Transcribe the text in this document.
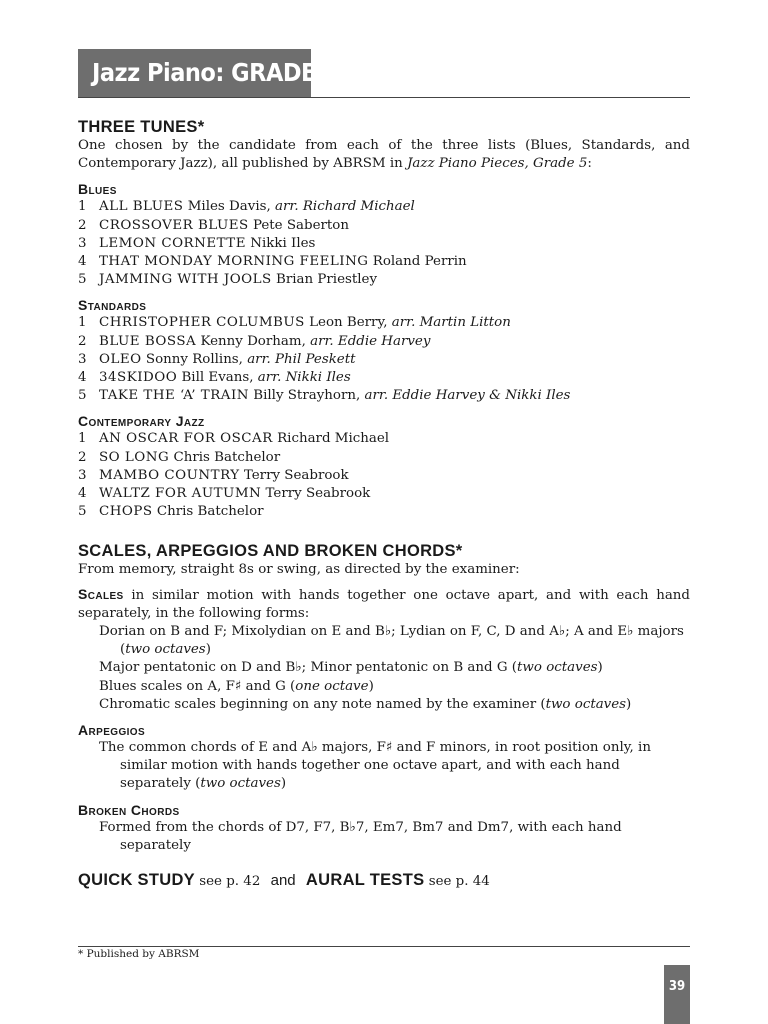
Jazz Piano: GRADE 5
THREE TUNES*

One chosen by the candidate from each of the three lists (Blues, Standards, and Contemporary Jazz), all published by ABRSM in Jazz Piano Pieces, Grade 5:

Blues
1 ALL BLUES Miles Davis, arr. Richard Michael
2 CROSSOVER BLUES Pete Saberton
3 LEMON CORNETTE Nikki Iles
4 THAT MONDAY MORNING FEELING Roland Perrin
5 JAMMING WITH JOOLS Brian Priestley
Standards
1 CHRISTOPHER COLUMBUS Leon Berry, arr. Martin Litton
2 BLUE BOSSA Kenny Dorham, arr. Eddie Harvey
3 OLEO Sonny Rollins, arr. Phil Peskett
4 34SKIDOO Bill Evans, arr. Nikki Iles
5 TAKE THE ‘A’ TRAIN Billy Strayhorn, arr. Eddie Harvey & Nikki Iles
Contemporary Jazz
1 AN OSCAR FOR OSCAR Richard Michael
2 SO LONG Chris Batchelor
3 MAMBO COUNTRY Terry Seabrook
4 WALTZ FOR AUTUMN Terry Seabrook
5 CHOPS Chris Batchelor
SCALES, ARPEGGIOS AND BROKEN CHORDS*

From memory, straight 8s or swing, as directed by the examiner:

Scales in similar motion with hands together one octave apart, and with each hand separately, in the following forms:

Dorian on B and F; Mixolydian on E and B♭; Lydian on F, C, D and A♭; A and E♭ majors (two octaves)
Major pentatonic on D and B♭; Minor pentatonic on B and G (two octaves)
Blues scales on A, F♯ and G (one octave)
Chromatic scales beginning on any note named by the examiner (two octaves)
Arpeggios
The common chords of E and A♭ majors, F♯ and F minors, in root position only, in similar motion with hands together one octave apart, and with each hand separately (two octaves)
Broken Chords
Formed from the chords of D7, F7, B♭7, Em7, Bm7 and Dm7, with each hand separately
QUICK STUDY see p. 42 and AURAL TESTS see p. 44
* Published by ABRSM
39
